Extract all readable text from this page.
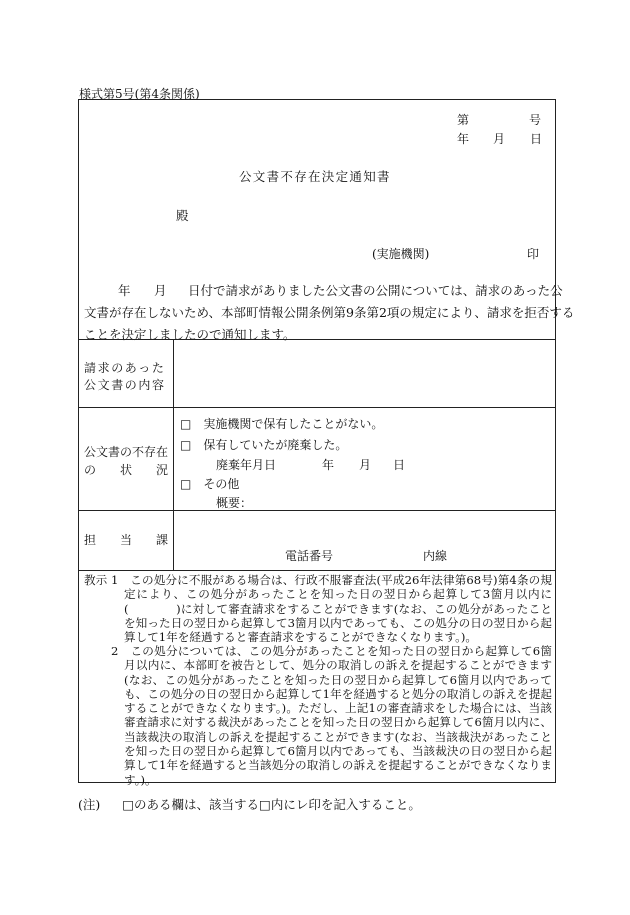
様式第5号(第4条関係)
第	号
年 月 日
公文書不存在決定通知書
殿
(実施機関)	印
年 月 日付で請求がありました公文書の公開については、請求のあった公
文書が存在しないため、本部町情報公開条例第9条第2項の規定により、請求を拒否する
ことを決定しましたので通知します。
請求のあった
公文書の内容
公文書の不存在
の　　状　　況
□　実施機関で保有したことがない。
□　保有していたが廃棄した。
廃棄年月日	年 月 日
□　その他
概要：
担　　当　　課
電話番号	内線
教示 1　この処分に不服がある場合は、行政不服審査法(平成26年法律第68号)第4条の規定により、この処分があったことを知った日の翌日から起算して3箇月以内に(　　　　)に対して審査請求をすることができます(なお、この処分があったことを知った日の翌日から起算して3箇月以内であっても、この処分の日の翌日から起算して1年を経過すると審査請求をすることができなくなります。)。
2　この処分については、この処分があったことを知った日の翌日から起算して6箇月以内に、本部町を被告として、処分の取消しの訴えを提起することができます(なお、この処分があったことを知った日の翌日から起算して6箇月以内であっても、この処分の日の翌日から起算して1年を経過すると処分の取消しの訴えを提起することができなくなります。)。ただし、上記1の審査請求をした場合には、当該審査請求に対する裁決があったことを知った日の翌日から起算して6箇月以内に、当該裁決の取消しの訴えを提起することができます(なお、当該裁決があったことを知った日の翌日から起算して6箇月以内であっても、当該裁決の日の翌日から起算して1年を経過すると当該処分の取消しの訴えを提起することができなくなります。)。
(注) □のある欄は、該当する□内にレ印を記入すること。
